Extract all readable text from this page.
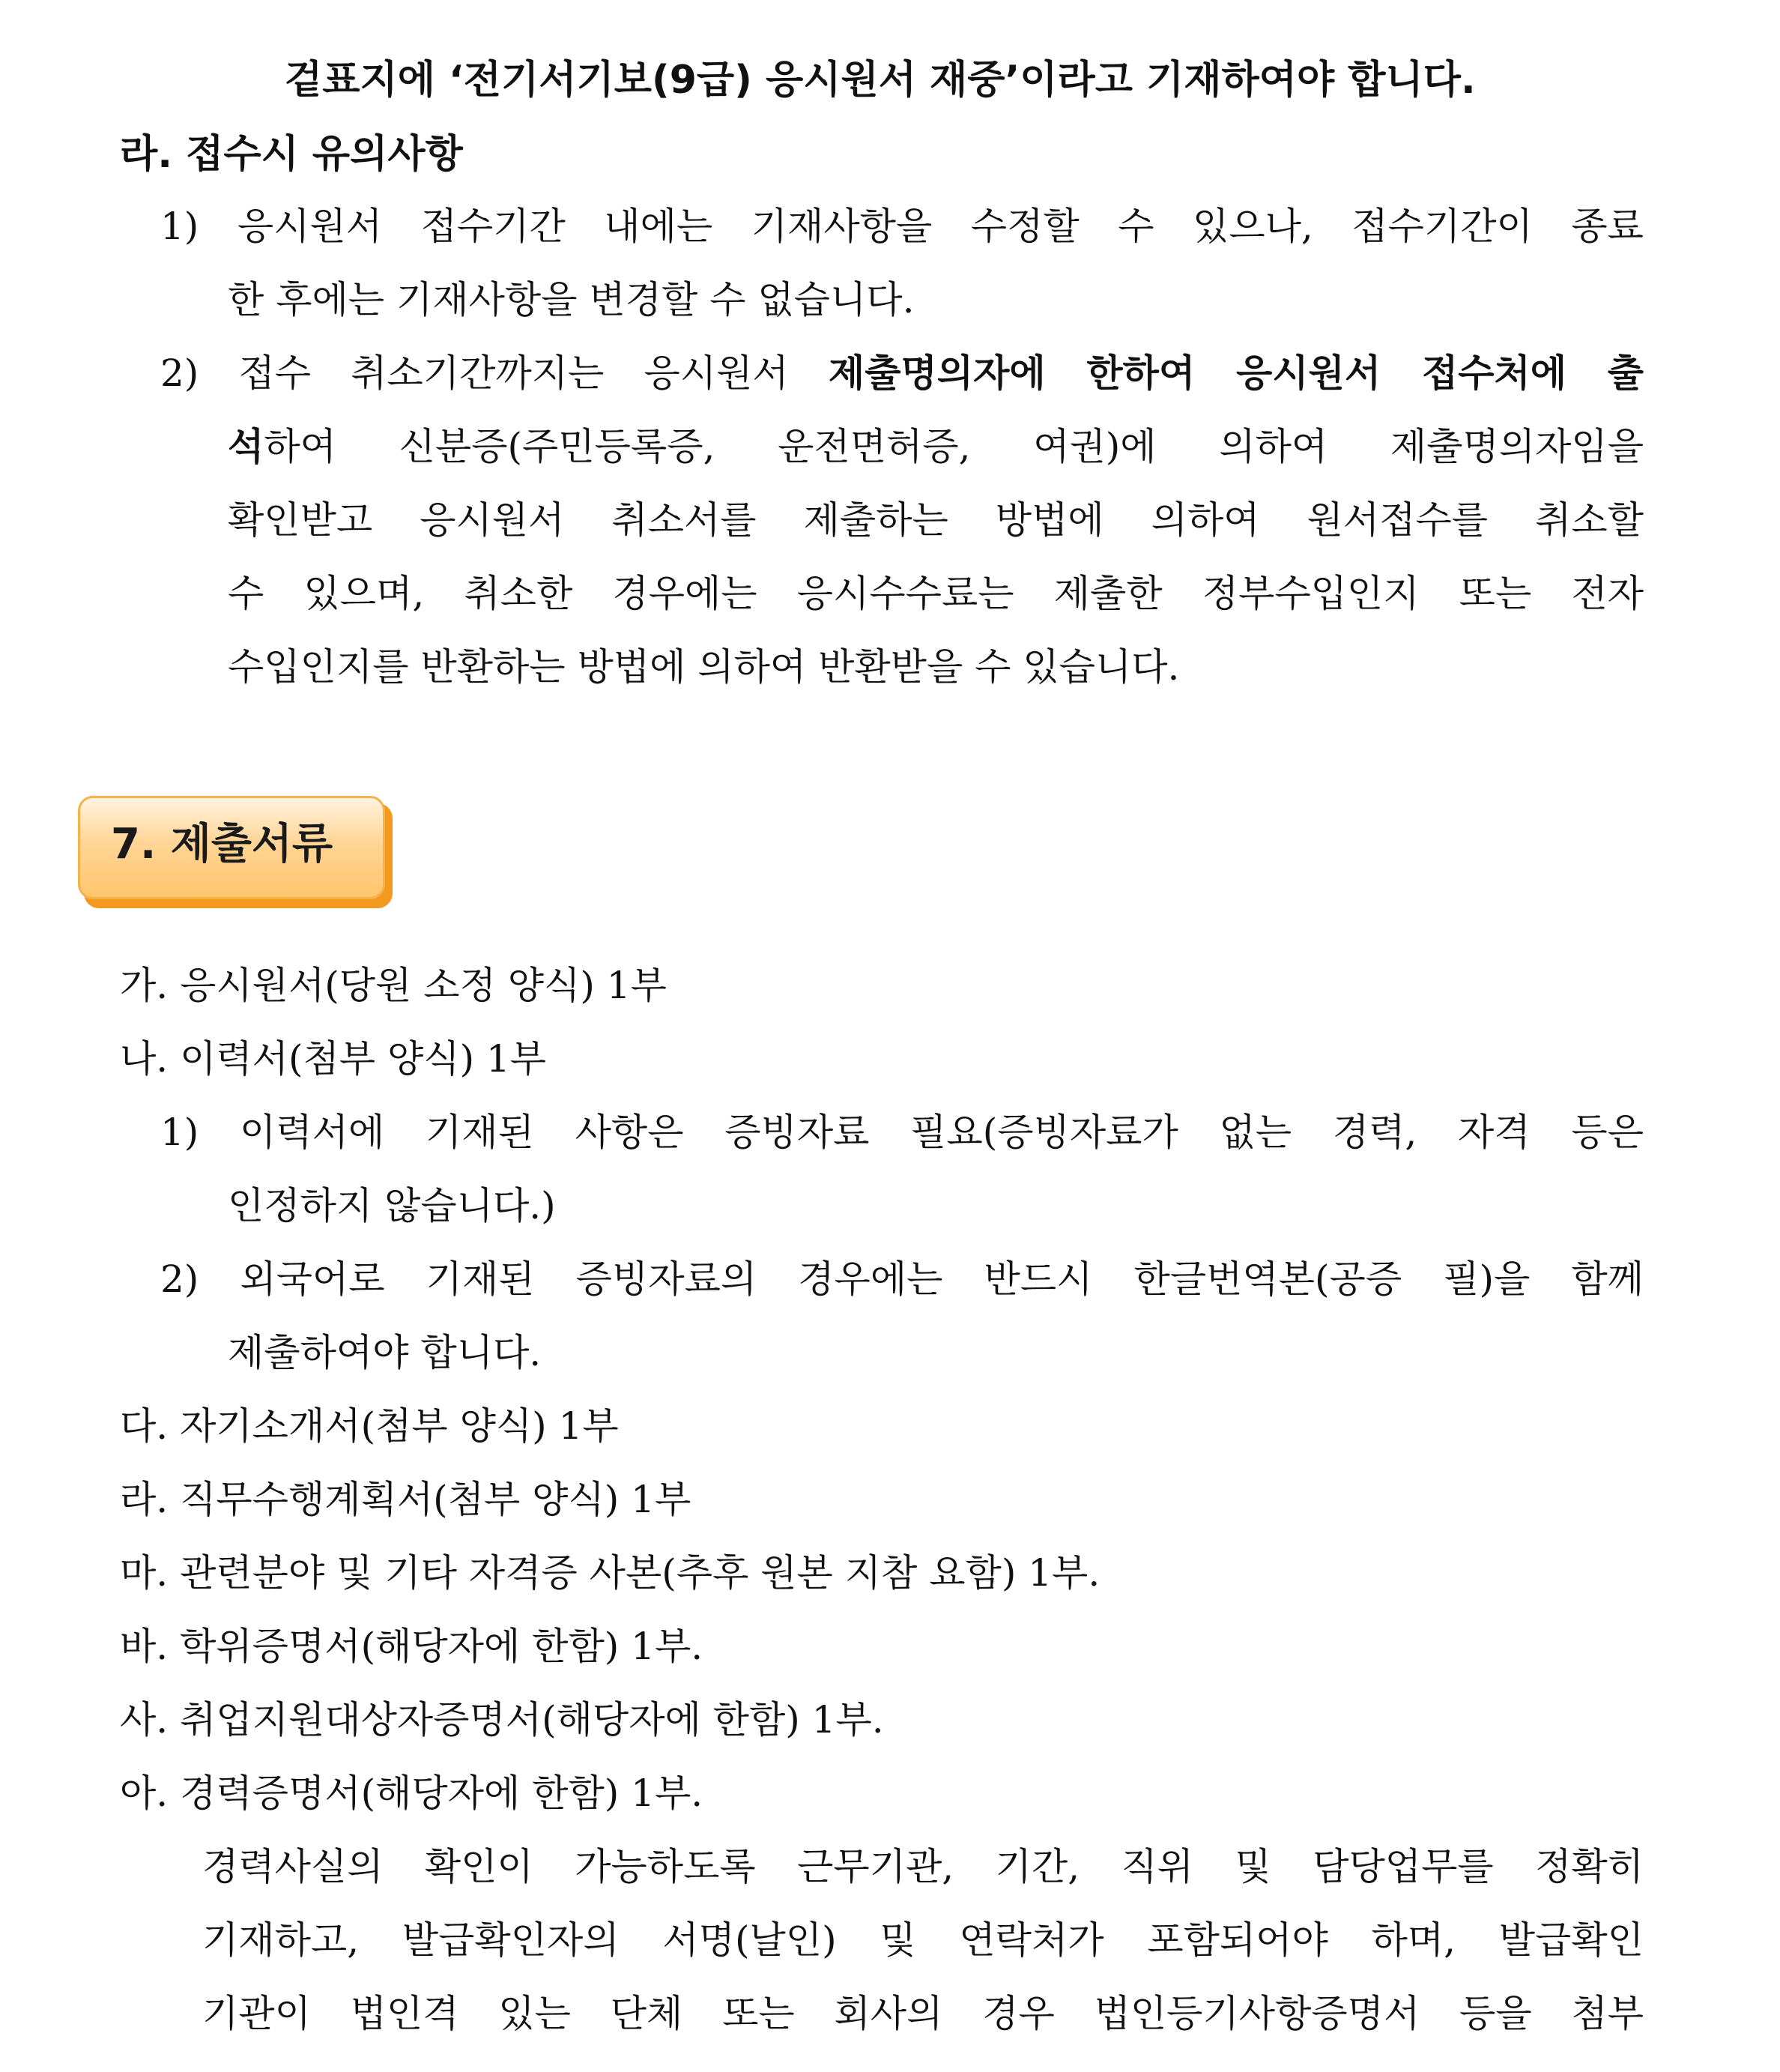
겉표지에 ‘전기서기보(9급) 응시원서 재중’이라고 기재하여야 합니다.
라. 접수시 유의사항
1) 응시원서 접수기간 내에는 기재사항을 수정할 수 있으나, 접수기간이 종료
한 후에는 기재사항을 변경할 수 없습니다.
2) 접수 취소기간까지는 응시원서 제출명의자에 한하여 응시원서 접수처에 출
석하여 신분증(주민등록증, 운전면허증, 여권)에 의하여 제출명의자임을
확인받고 응시원서 취소서를 제출하는 방법에 의하여 원서접수를 취소할
수 있으며, 취소한 경우에는 응시수수료는 제출한 정부수입인지 또는 전자
수입인지를 반환하는 방법에 의하여 반환받을 수 있습니다.
7. 제출서류
가. 응시원서(당원 소정 양식) 1부
나. 이력서(첨부 양식) 1부
1) 이력서에 기재된 사항은 증빙자료 필요(증빙자료가 없는 경력, 자격 등은
인정하지 않습니다.)
2) 외국어로 기재된 증빙자료의 경우에는 반드시 한글번역본(공증 필)을 함께
제출하여야 합니다.
다. 자기소개서(첨부 양식) 1부
라. 직무수행계획서(첨부 양식) 1부
마. 관련분야 및 기타 자격증 사본(추후 원본 지참 요함) 1부.
바. 학위증명서(해당자에 한함) 1부.
사. 취업지원대상자증명서(해당자에 한함) 1부.
아. 경력증명서(해당자에 한함) 1부.
경력사실의 확인이 가능하도록 근무기관, 기간, 직위 및 담당업무를 정확히
기재하고, 발급확인자의 서명(날인) 및 연락처가 포함되어야 하며, 발급확인
기관이 법인격 있는 단체 또는 회사의 경우 법인등기사항증명서 등을 첨부
